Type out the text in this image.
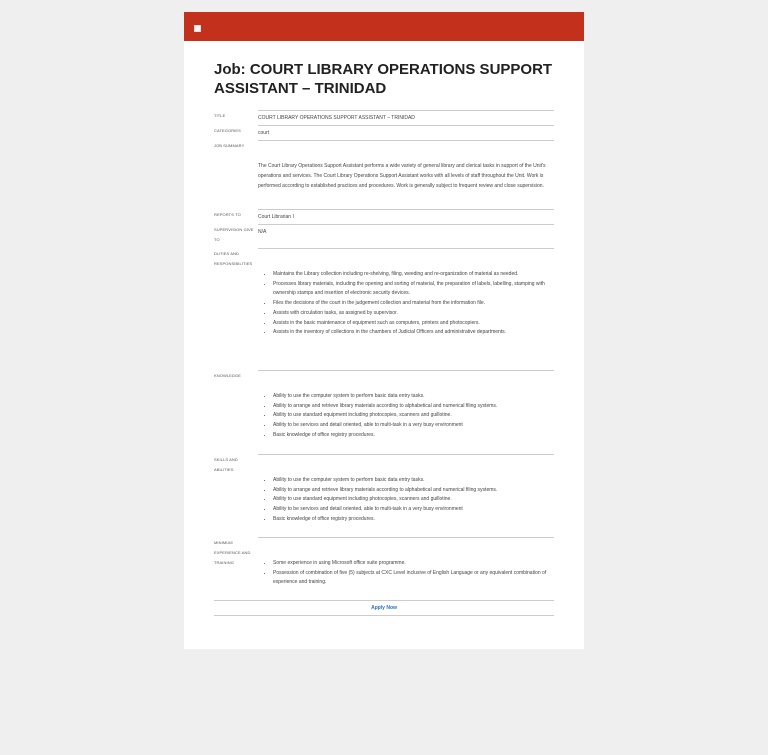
Job: COURT LIBRARY OPERATIONS SUPPORT ASSISTANT – TRINIDAD
TITLE	COURT LIBRARY OPERATIONS SUPPORT ASSISTANT – TRINIDAD
CATEGORIES	court
JOB SUMMARY

The Court Library Operations Support Assistant performs a wide variety of general library and clerical tasks in support of the Unit's operations and services. The Court Library Operations Support Assistant works with all levels of staff throughout the Unit. Work is performed according to established practices and procedures. Work is generally subject to frequent review and close supervision.

REPORTS TO	Court Librarian I
SUPERVISION GIVE TO
N/A
DUTIES AND RESPONSIBILITIES
• Maintains the Library collection including re-shelving, filing, weeding and re-organization of material as needed.
• Processes library materials, including the opening and sorting of material, the preparation of labels, labelling, stamping with ownership stamps and insertion of electronic security devices.
• Files the decisions of the court in the judgement collection and material from the information file.
• Assists with circulation tasks, as assigned by supervisor.
• Assists in the basic maintenance of equipment such as computers, printers and photocopiers.
• Assists in the inventory of collections in the chambers of Judicial Officers and administrative departments.
KNOWLEDGE
• Ability to use the computer system to perform basic data entry tasks.
• Ability to arrange and retrieve library materials according to alphabetical and numerical filing systems.
• Ability to use standard equipment including photocopies, scanners and guillotine.
• Ability to be services and detail oriented, able to multi-task in a very busy environment
• Basic knowledge of office registry procedures.
SKILLS AND ABILITIES
• Ability to use the computer system to perform basic data entry tasks.
• Ability to arrange and retrieve library materials according to alphabetical and numerical filing systems.
• Ability to use standard equipment including photocopies, scanners and guillotine.
• Ability to be services and detail oriented, able to multi-task in a very busy environment
• Basic knowledge of office registry procedures.
MINIMUM EXPERIENCE AND TRAINING
•	Some experience in using Microsoft office suite programme.
• Possession of combination of five (5) subjects at CXC Level inclusive of English Language or any equivalent combination of experience and training.
Apply Now
